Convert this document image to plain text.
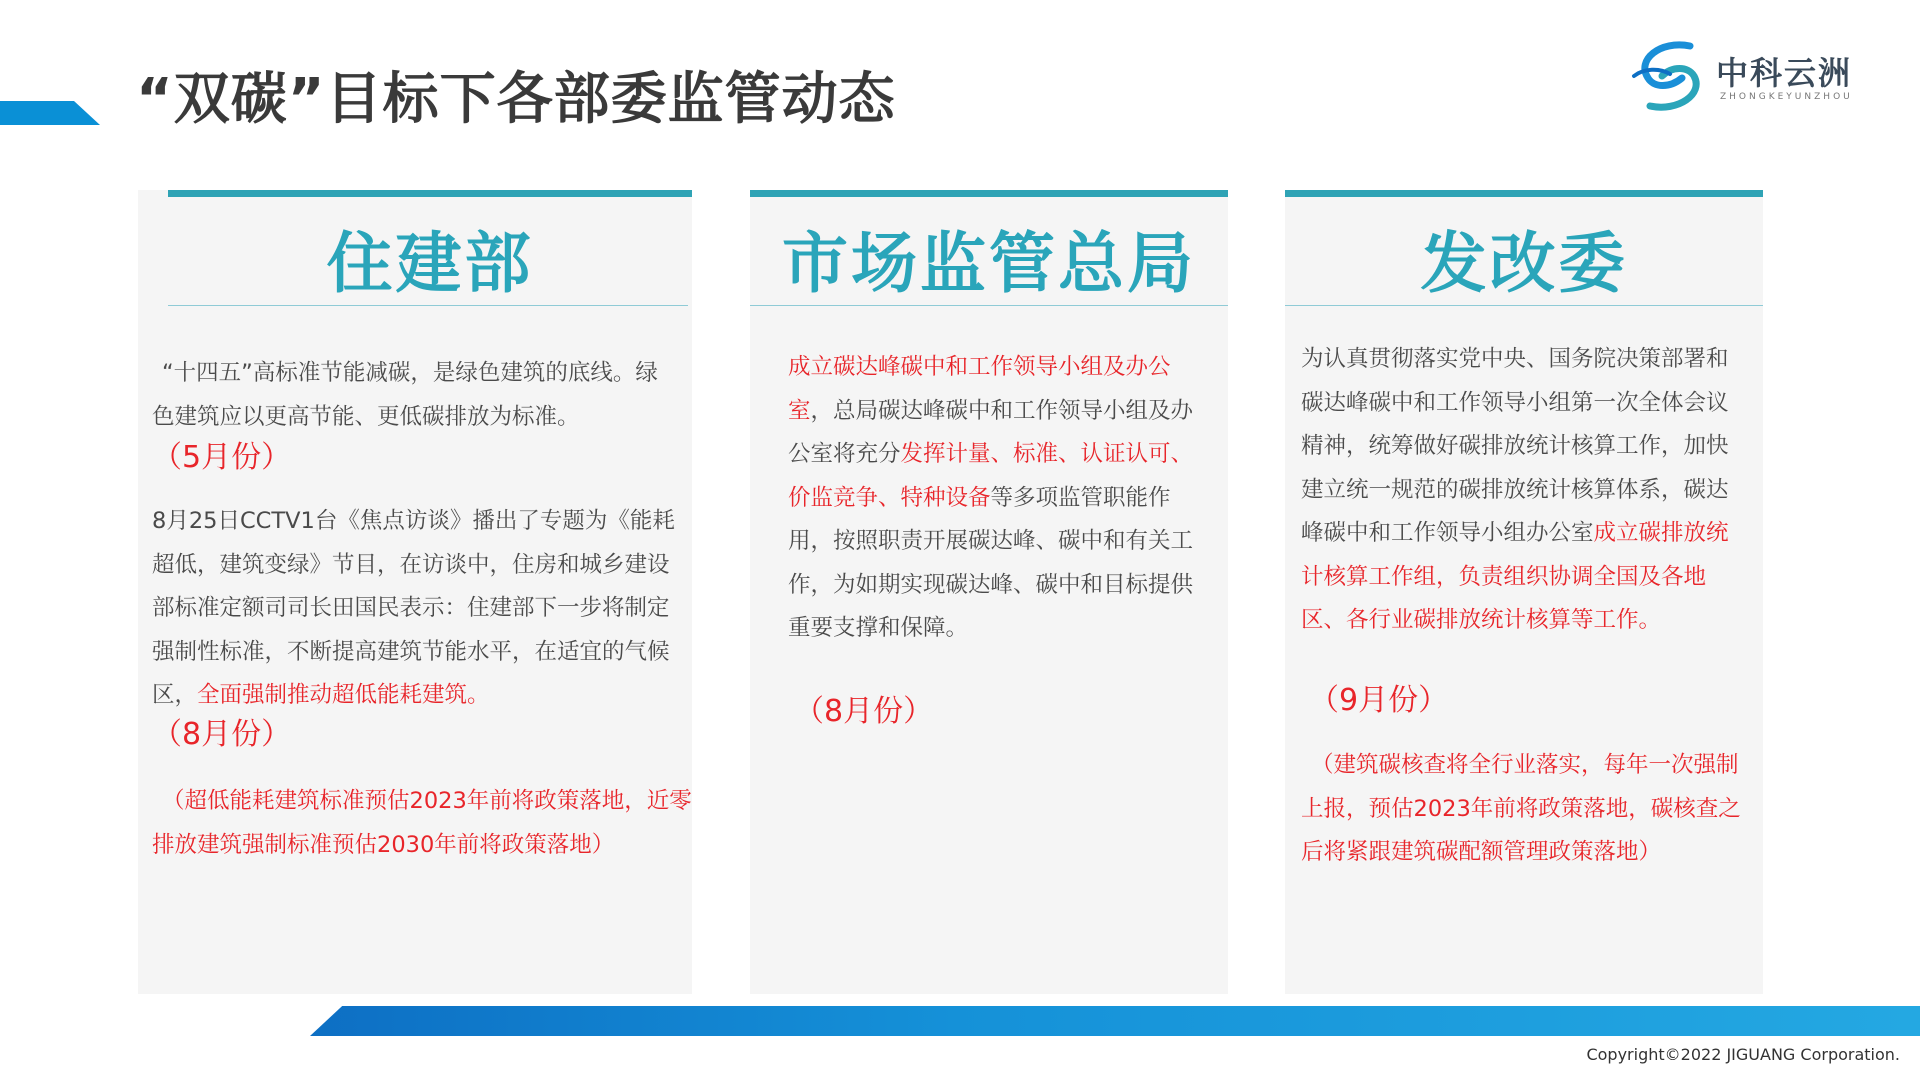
“双碳”目标下各部委监管动态	中科云洲
ZHONGKEYUNZHOU
住建部

“十四五”高标准节能减碳，是绿色建筑的底线。绿色建筑应以更高节能、更低碳排放为标准。

（5月份）

8月25日CCTV1台《焦点访谈》播出了专题为《能耗超低，建筑变绿》节目，在访谈中，住房和城乡建设部标准定额司司长田国民表示：住建部下一步将制定强制性标准，不断提高建筑节能水平，在适宜的气候区，全面强制推动超低能耗建筑。

（8月份）

（超低能耗建筑标准预估2023年前将政策落地，近零排放建筑强制标准预估2030年前将政策落地）

市场监管总局

成立碳达峰碳中和工作领导小组及办公室，总局碳达峰碳中和工作领导小组及办公室将充分发挥计量、标准、认证认可、价监竞争、特种设备等多项监管职能作用，按照职责开展碳达峰、碳中和有关工作，为如期实现碳达峰、碳中和目标提供重要支撑和保障。

（8月份）

发改委

为认真贯彻落实党中央、国务院决策部署和碳达峰碳中和工作领导小组第一次全体会议精神，统筹做好碳排放统计核算工作，加快建立统一规范的碳排放统计核算体系，碳达峰碳中和工作领导小组办公室成立碳排放统计核算工作组，负责组织协调全国及各地区、各行业碳排放统计核算等工作。

（9月份）

（建筑碳核查将全行业落实，每年一次强制上报，预估2023年前将政策落地，碳核查之后将紧跟建筑碳配额管理政策落地）

Copyright©2022 JIGUANG Corporation.
